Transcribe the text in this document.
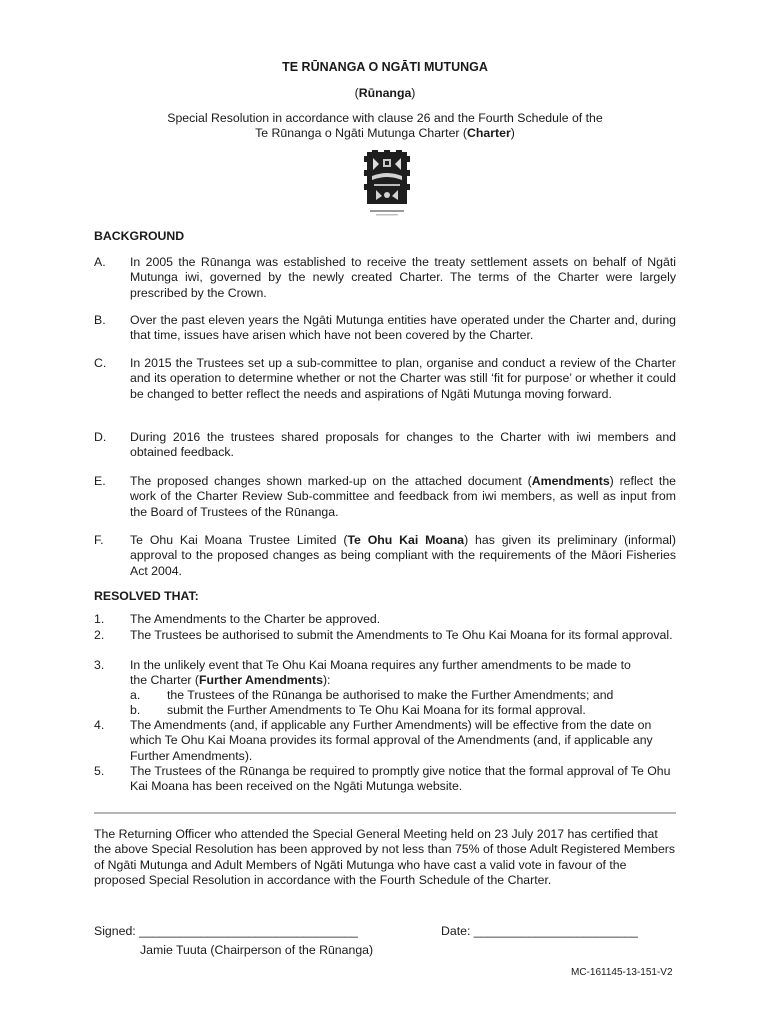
TE RŪNANGA O NGĀTI MUTUNGA
(Rūnanga)
Special Resolution in accordance with clause 26 and the Fourth Schedule of the
Te Rūnanga o Ngāti Mutunga Charter (Charter)
BACKGROUND
A.	In 2005 the Rūnanga was established to receive the treaty settlement assets on behalf of Ngāti Mutunga iwi, governed by the newly created Charter. The terms of the Charter were largely prescribed by the Crown.
B.	Over the past eleven years the Ngāti Mutunga entities have operated under the Charter and, during that time, issues have arisen which have not been covered by the Charter.
C.	In 2015 the Trustees set up a sub-committee to plan, organise and conduct a review of the Charter and its operation to determine whether or not the Charter was still ‘fit for purpose’ or whether it could be changed to better reflect the needs and aspirations of Ngāti Mutunga moving forward.
D.	During 2016 the trustees shared proposals for changes to the Charter with iwi members and obtained feedback.
E.	The proposed changes shown marked-up on the attached document (Amendments) reflect the work of the Charter Review Sub-committee and feedback from iwi members, as well as input from the Board of Trustees of the Rūnanga.
F.	Te Ohu Kai Moana Trustee Limited (Te Ohu Kai Moana) has given its preliminary (informal) approval to the proposed changes as being compliant with the requirements of the Māori Fisheries Act 2004.
RESOLVED THAT:
1.	The Amendments to the Charter be approved.
2.	The Trustees be authorised to submit the Amendments to Te Ohu Kai Moana for its formal approval.
3.	In the unlikely event that Te Ohu Kai Moana requires any further amendments to be made to
the Charter (Further Amendments):
a.	the Trustees of the Rūnanga be authorised to make the Further Amendments; and
b.	submit the Further Amendments to Te Ohu Kai Moana for its formal approval.
4.	The Amendments (and, if applicable any Further Amendments) will be effective from the date on which Te Ohu Kai Moana provides its formal approval of the Amendments (and, if applicable any Further Amendments).
5.	The Trustees of the Rūnanga be required to promptly give notice that the formal approval of Te Ohu Kai Moana has been received on the Ngāti Mutunga website.
The Returning Officer who attended the Special General Meeting held on 23 July 2017 has certified that the above Special Resolution has been approved by not less than 75% of those Adult Registered Members of Ngāti Mutunga and Adult Members of Ngāti Mutunga who have cast a valid vote in favour of the proposed Special Resolution in accordance with the Fourth Schedule of the Charter.
Signed: ________________________________	Date: ________________________
Jamie Tuuta (Chairperson of the Rūnanga)
MC-161145-13-151-V2
